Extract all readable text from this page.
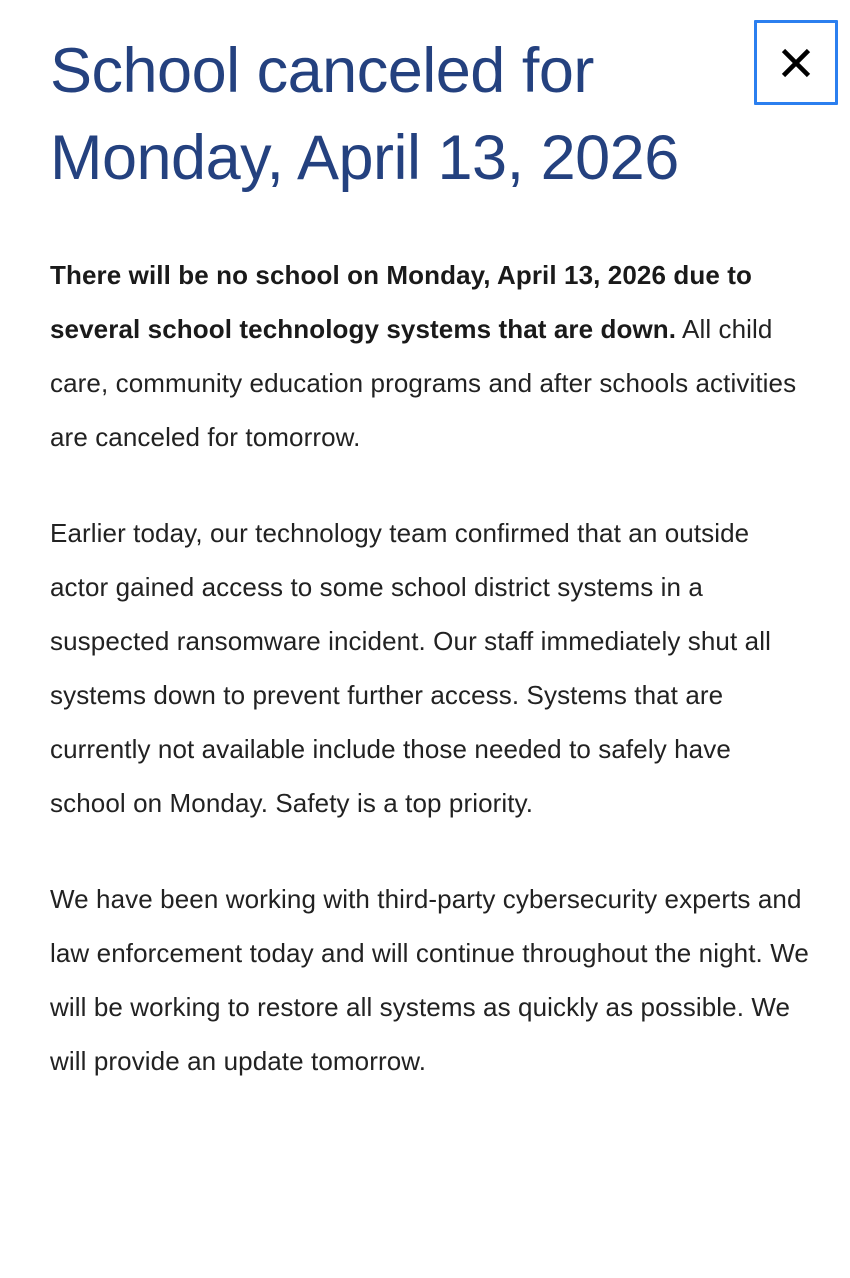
School canceled for Monday, April 13, 2026

There will be no school on Monday, April 13, 2026 due to several school technology systems that are down. All child care, community education programs and after schools activities are canceled for tomorrow.

Earlier today, our technology team confirmed that an outside actor gained access to some school district systems in a suspected ransomware incident. Our staff immediately shut all systems down to prevent further access. Systems that are currently not available include those needed to safely have school on Monday. Safety is a top priority.

We have been working with third-party cybersecurity experts and law enforcement today and will continue throughout the night. We will be working to restore all systems as quickly as possible. We will provide an update tomorrow.
